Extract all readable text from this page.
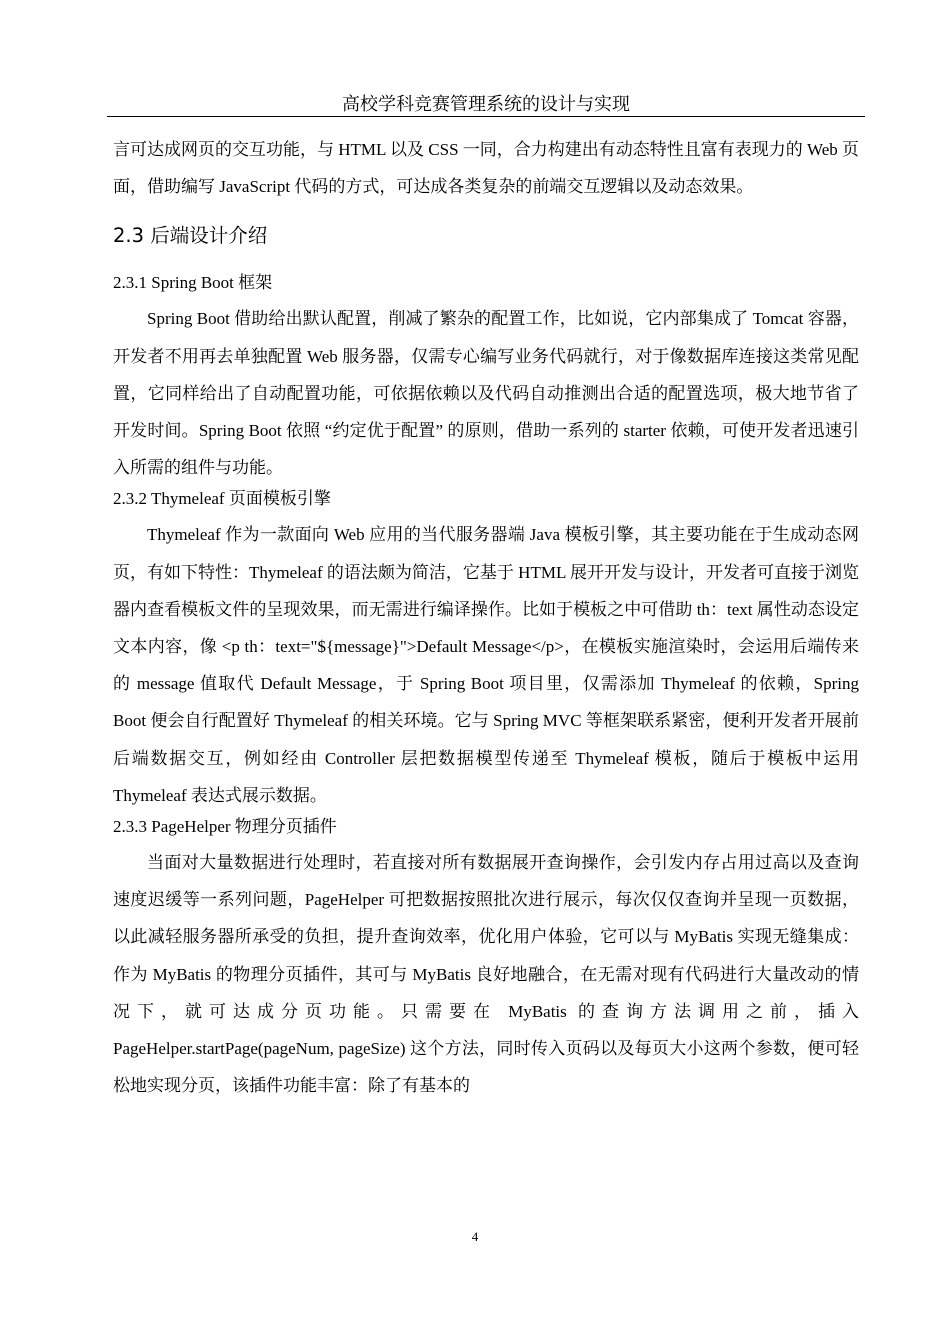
高校学科竞赛管理系统的设计与实现

言可达成网页的交互功能，与 HTML 以及 CSS 一同，合力构建出有动态特性且富有表现力的 Web 页面，借助编写 JavaScript 代码的方式，可达成各类复杂的前端交互逻辑以及动态效果。

2.3 后端设计介绍
2.3.1 Spring Boot 框架

Spring Boot 借助给出默认配置，削减了繁杂的配置工作，比如说，它内部集成了 Tomcat 容器，开发者不用再去单独配置 Web 服务器，仅需专心编写业务代码就行，对于像数据库连接这类常见配置，它同样给出了自动配置功能，可依据依赖以及代码自动推测出合适的配置选项，极大地节省了开发时间。Spring Boot 依照 “约定优于配置” 的原则，借助一系列的 starter 依赖，可使开发者迅速引入所需的组件与功能。

2.3.2 Thymeleaf 页面模板引擎

Thymeleaf 作为一款面向 Web 应用的当代服务器端 Java 模板引擎，其主要功能在于生成动态网页，有如下特性：Thymeleaf 的语法颇为简洁，它基于 HTML 展开开发与设计，开发者可直接于浏览器内查看模板文件的呈现效果，而无需进行编译操作。比如于模板之中可借助 th：text 属性动态设定文本内容，像 <p th：text="${message}">Default Message</p>，在模板实施渲染时，会运用后端传来的 message 值取代 Default Message，于 Spring Boot 项目里，仅需添加 Thymeleaf 的依赖，Spring Boot 便会自行配置好 Thymeleaf 的相关环境。它与 Spring MVC 等框架联系紧密，便利开发者开展前后端数据交互，例如经由 Controller 层把数据模型传递至 Thymeleaf 模板，随后于模板中运用 Thymeleaf 表达式展示数据。

2.3.3 PageHelper 物理分页插件

当面对大量数据进行处理时，若直接对所有数据展开查询操作，会引发内存占用过高以及查询速度迟缓等一系列问题，PageHelper 可把数据按照批次进行展示，每次仅仅查询并呈现一页数据，以此减轻服务器所承受的负担，提升查询效率，优化用户体验，它可以与 MyBatis 实现无缝集成：作为 MyBatis 的物理分页插件，其可与 MyBatis 良好地融合，在无需对现有代码进行大量改动的情况下，就可达成分页功能。只需要在 MyBatis 的查询方法调用之前，插入 PageHelper.startPage(pageNum, pageSize) 这个方法，同时传入页码以及每页大小这两个参数，便可轻松地实现分页，该插件功能丰富：除了有基本的

4
